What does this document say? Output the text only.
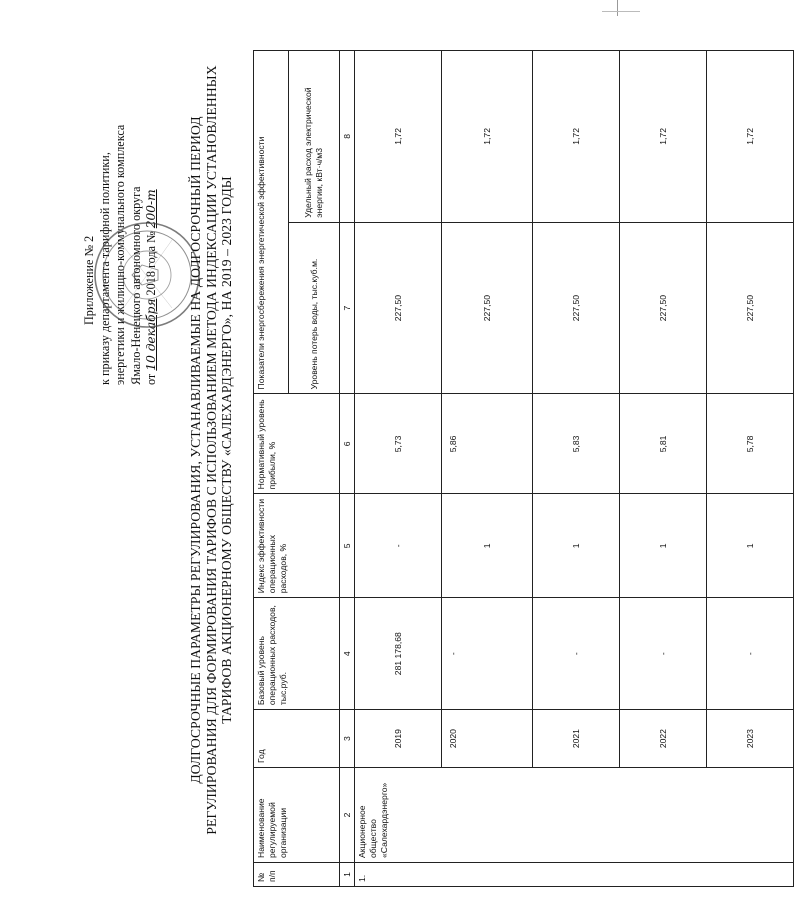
Приложение № 2 к приказу департамента тарифной политики, энергетики и жилищно-коммунального комплекса Ямало-Ненецкого автономного округа от 10 декабря 2018 года № 200-т ДОЛГОСРОЧНЫЕ ПАРАМЕТРЫ РЕГУЛИРОВАНИЯ, УСТАНАВЛИВАЕМЫЕ НА ДОЛГОСРОЧНЫЙ ПЕРИОД РЕГУЛИРОВАНИЯ ДЛЯ ФОРМИРОВАНИЯ ТАРИФОВ С ИСПОЛЬЗОВАНИЕМ МЕТОДА ИНДЕКСАЦИИ УСТАНОВЛЕННЫХ ТАРИФОВ АКЦИОНЕРНОМУ ОБЩЕСТВУ «САЛЕХАРДЭНЕРГО», НА 2019 – 2023 ГОДЫ
№ п/п	Наименование регулируемой организации	Год	Базовый уровень операционных расходов, тыс.руб.	Индекс эффективности операционных расходов, %	Нормативный уровень прибыли, %	Показатели энергосбережения энергетической эффективности	
						Уровень потерь воды, тыс.куб.м.	Удельный расход электрической энергии, кВт·ч/м3
1	2	3	4	5	6	7	8
1.	Акционерное общество «Салехардэнерго»	2019	281 178,68	-	5,73	227,50	1,72
		2020	-	1	5,86	227,50	1,72
		2021	-	1	5,83	227,50	1,72
		2022	-	1	5,81	227,50	1,72
		2023	-	1	5,78	227,50	1,72
